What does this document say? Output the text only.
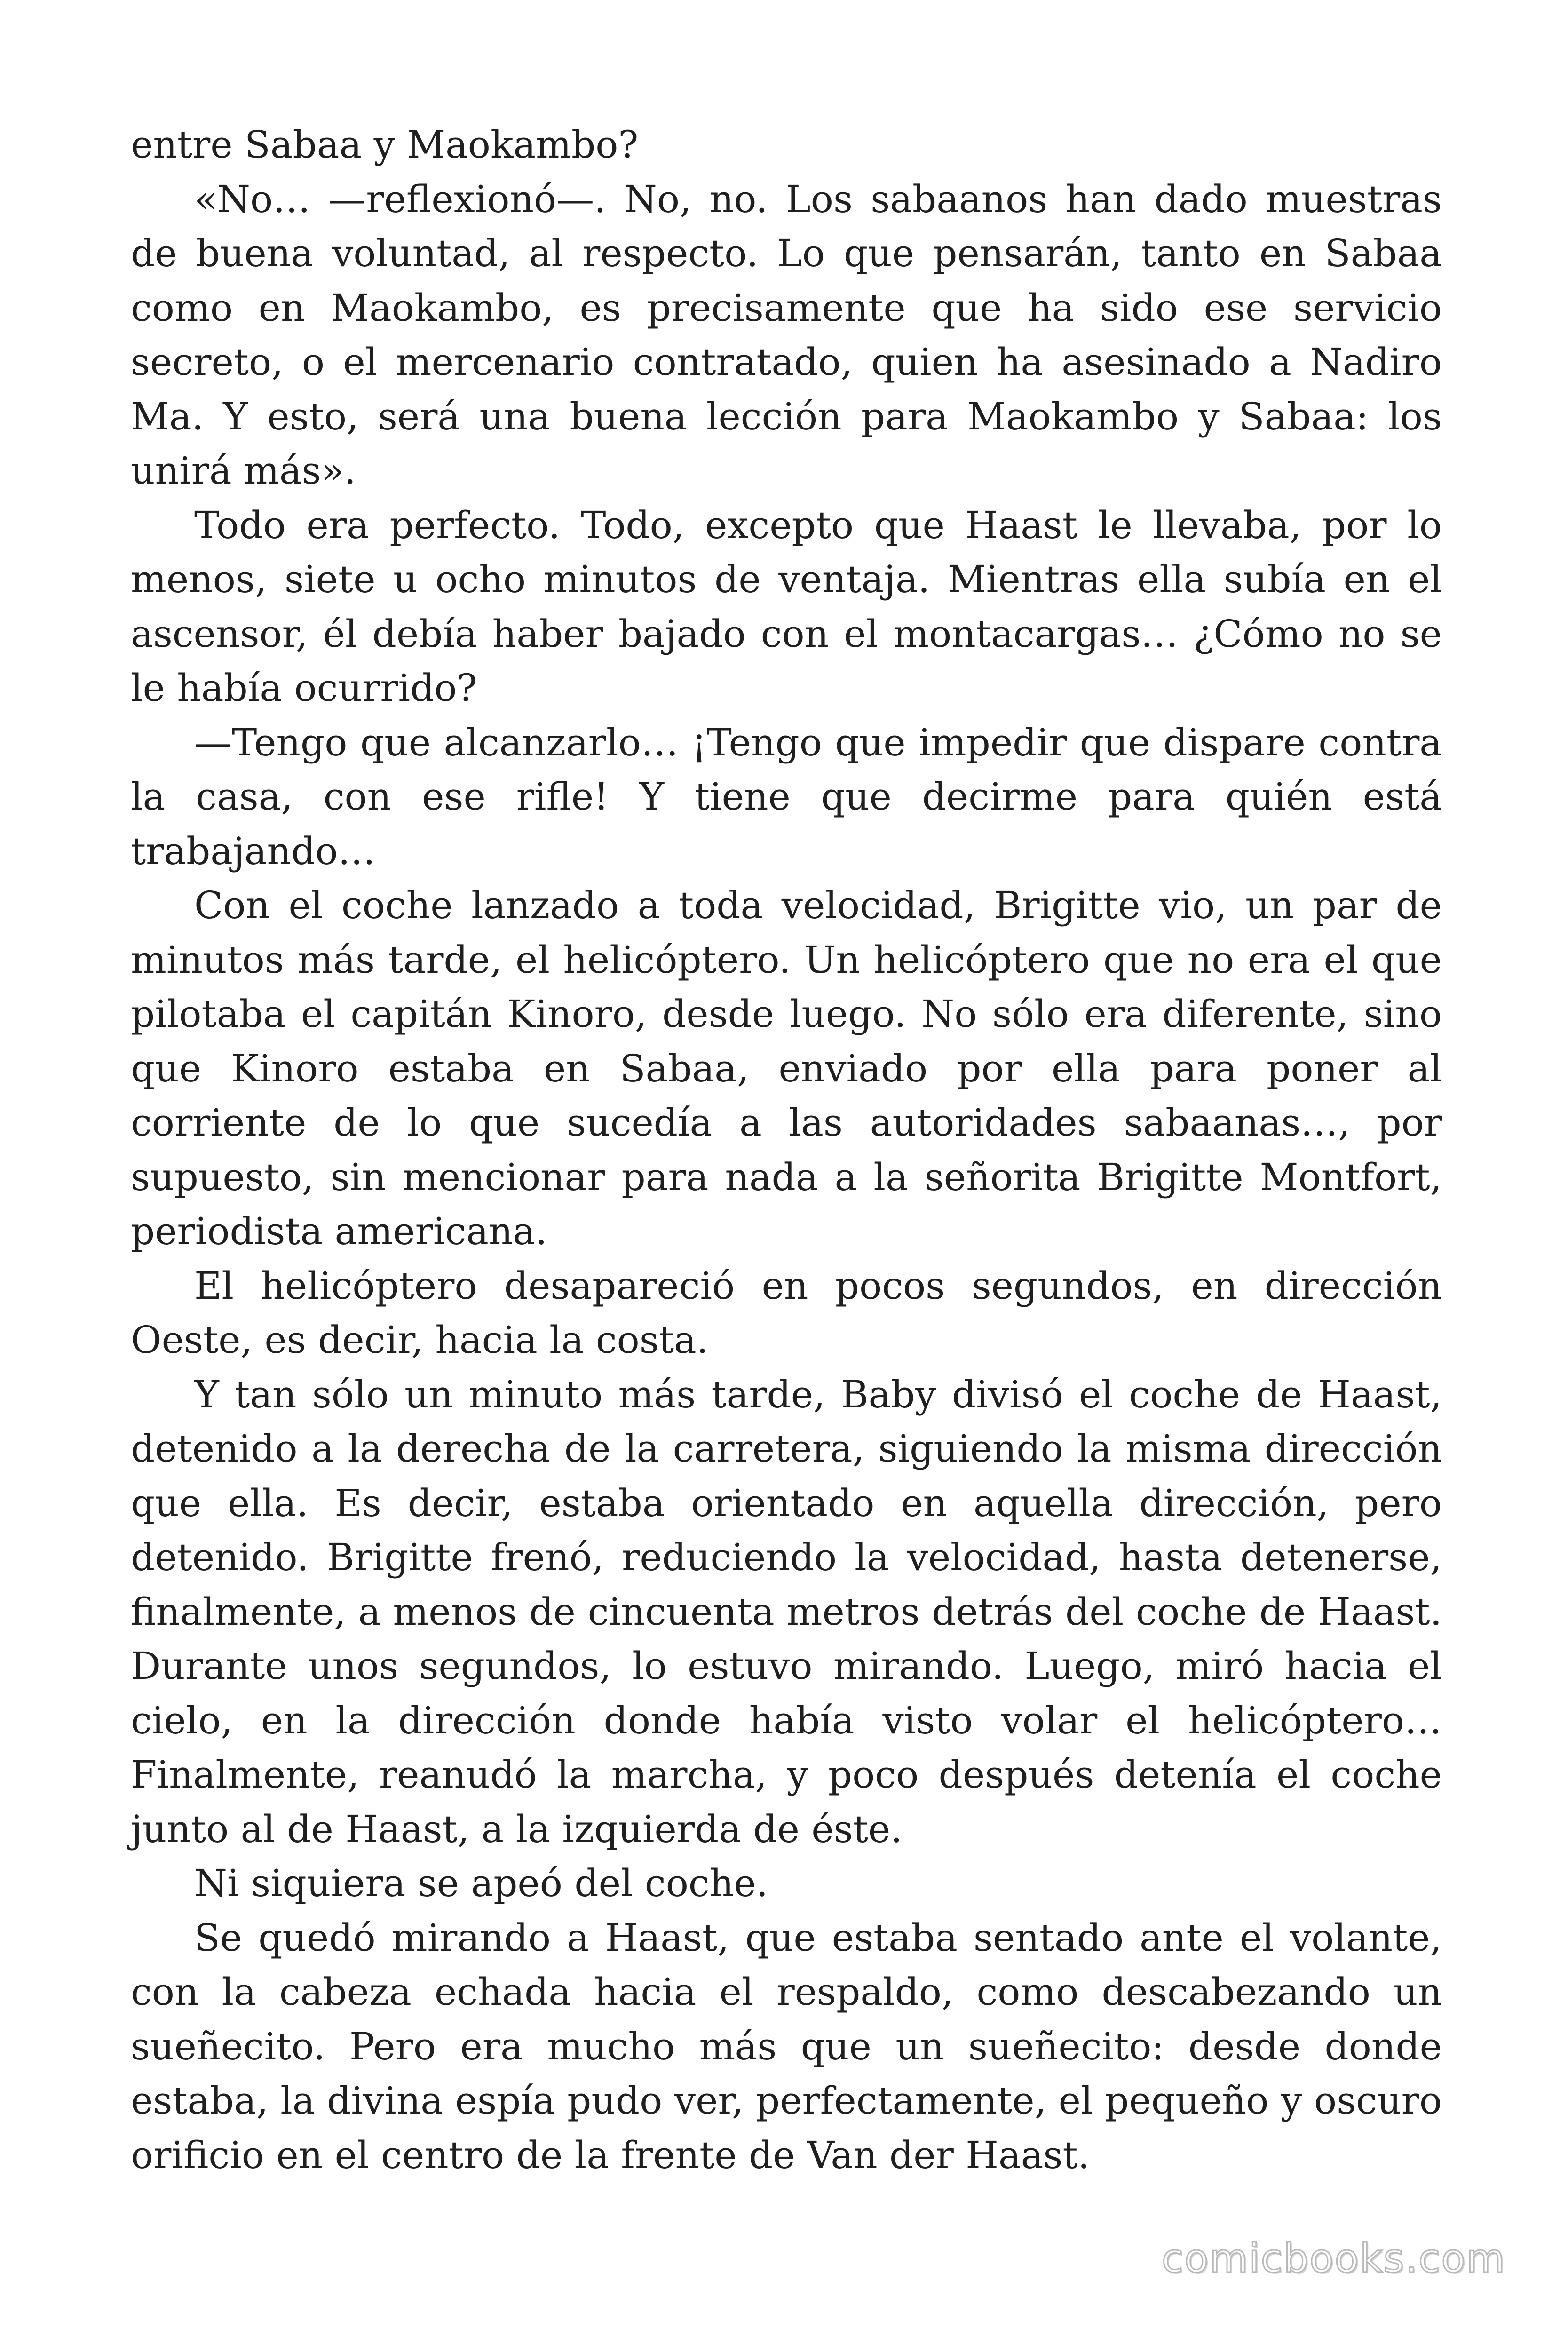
entre Sabaa y Maokambo?

«No… —reflexionó—. No, no. Los sabaanos han dado muestras de buena voluntad, al respecto. Lo que pensarán, tanto en Sabaa como en Maokambo, es precisamente que ha sido ese servicio secreto, o el mercenario contratado, quien ha asesinado a Nadiro Ma. Y esto, será una buena lección para Maokambo y Sabaa: los unirá más».

Todo era perfecto. Todo, excepto que Haast le llevaba, por lo menos, siete u ocho minutos de ventaja. Mientras ella subía en el ascensor, él debía haber bajado con el montacargas… ¿Cómo no se le había ocurrido?

—Tengo que alcanzarlo… ¡Tengo que impedir que dispare contra la casa, con ese rifle! Y tiene que decirme para quién está trabajando…

Con el coche lanzado a toda velocidad, Brigitte vio, un par de minutos más tarde, el helicóptero. Un helicóptero que no era el que pilotaba el capitán Kinoro, desde luego. No sólo era diferente, sino que Kinoro estaba en Sabaa, enviado por ella para poner al corriente de lo que sucedía a las autoridades sabaanas…, por supuesto, sin mencionar para nada a la señorita Brigitte Montfort, periodista americana.

El helicóptero desapareció en pocos segundos, en dirección Oeste, es decir, hacia la costa.

Y tan sólo un minuto más tarde, Baby divisó el coche de Haast, detenido a la derecha de la carretera, siguiendo la misma dirección que ella. Es decir, estaba orientado en aquella dirección, pero detenido. Brigitte frenó, reduciendo la velocidad, hasta detenerse, finalmente, a menos de cincuenta metros detrás del coche de Haast. Durante unos segundos, lo estuvo mirando. Luego, miró hacia el cielo, en la dirección donde había visto volar el helicóptero… Finalmente, reanudó la marcha, y poco después detenía el coche junto al de Haast, a la izquierda de éste.

Ni siquiera se apeó del coche.

Se quedó mirando a Haast, que estaba sentado ante el volante, con la cabeza echada hacia el respaldo, como descabezando un sueñecito. Pero era mucho más que un sueñecito: desde donde estaba, la divina espía pudo ver, perfectamente, el pequeño y oscuro orificio en el centro de la frente de Van der Haast.

comicbooks.com
